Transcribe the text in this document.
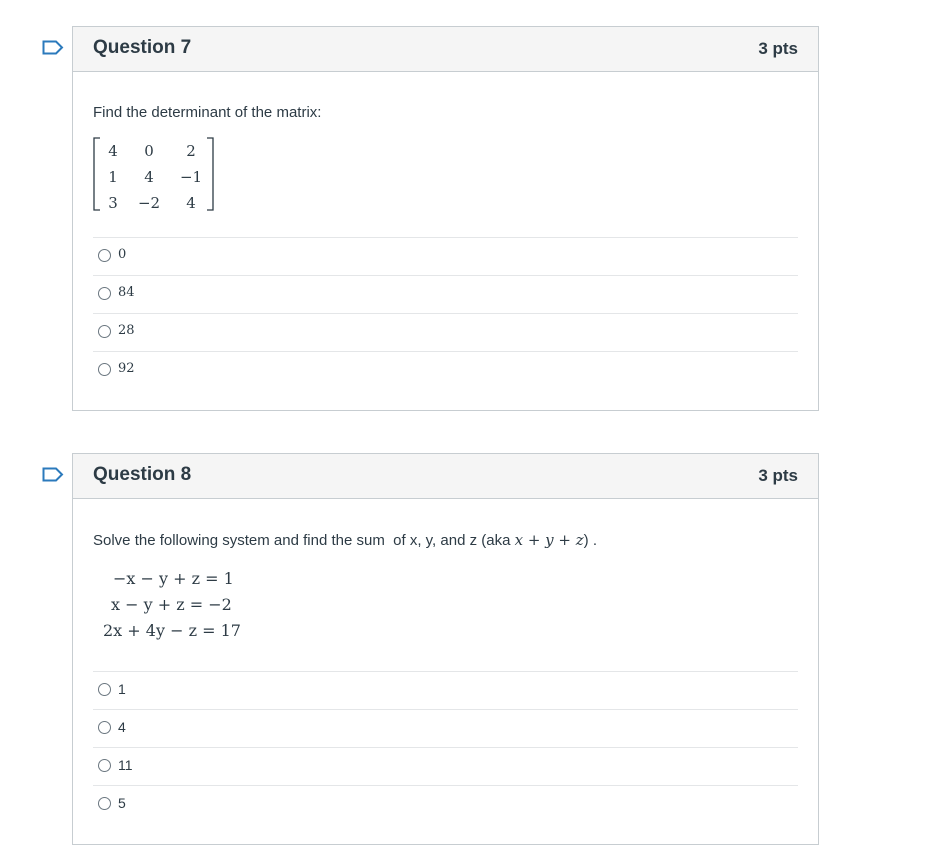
Question 7	3 pts
Find the determinant of the matrix:
4	0	2
1	4	−1
3	−2	4
0
84
28
92
Question 8	3 pts
Solve the following system and find the sum  of x, y, and z (aka x + y + z) .
−x − y + z = 1
x − y + z = −2
2x + 4y − z = 17
1
4
11
5
